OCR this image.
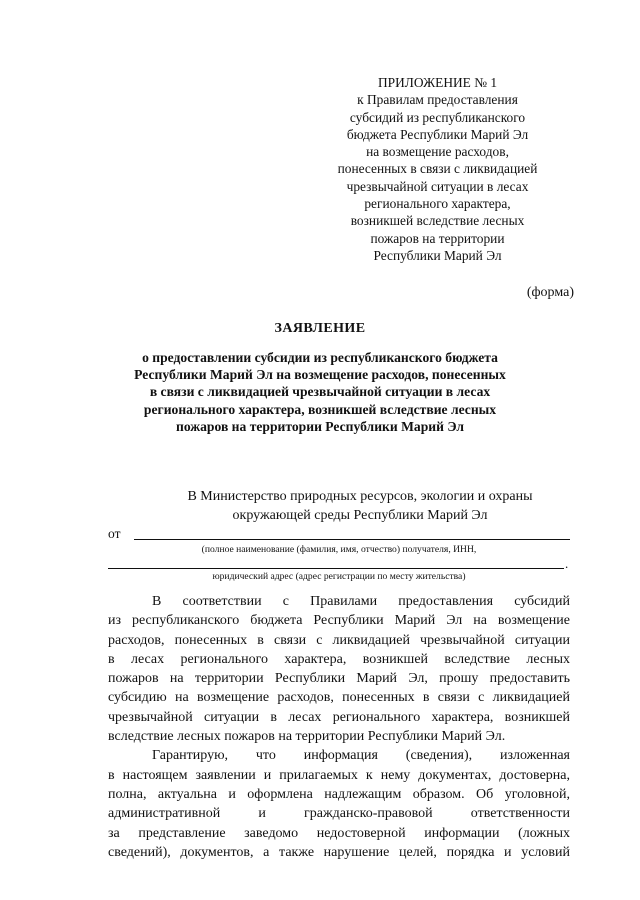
ПРИЛОЖЕНИЕ № 1
к Правилам предоставления
субсидий из республиканского
бюджета Республики Марий Эл
на возмещение расходов,
понесенных в связи с ликвидацией
чрезвычайной ситуации в лесах
регионального характера,
возникшей вследствие лесных
пожаров на территории
Республики Марий Эл
(форма)
ЗАЯВЛЕНИЕ
о предоставлении субсидии из республиканского бюджета
Республики Марий Эл на возмещение расходов, понесенных
в связи с ликвидацией чрезвычайной ситуации в лесах
регионального характера, возникшей вследствие лесных
пожаров на территории Республики Марий Эл
В Министерство природных ресурсов, экологии и охраны
окружающей среды Республики Марий Эл
от
(полное наименование (фамилия, имя, отчество) получателя, ИНН,
.
юридический адрес (адрес регистрации по месту жительства)
В соответствии с Правилами предоставления субсидий
из республиканского бюджета Республики Марий Эл на возмещение
расходов, понесенных в связи с ликвидацией чрезвычайной ситуации
в лесах регионального характера, возникшей вследствие лесных
пожаров на территории Республики Марий Эл, прошу предоставить
субсидию на возмещение расходов, понесенных в связи с ликвидацией
чрезвычайной ситуации в лесах регионального характера, возникшей
вследствие лесных пожаров на территории Республики Марий Эл.
Гарантирую, что информация (сведения), изложенная
в настоящем заявлении и прилагаемых к нему документах, достоверна,
полна, актуальна и оформлена надлежащим образом. Об уголовной,
административной и гражданско-правовой ответственности
за представление заведомо недостоверной информации (ложных
сведений), документов, а также нарушение целей, порядка и условий
